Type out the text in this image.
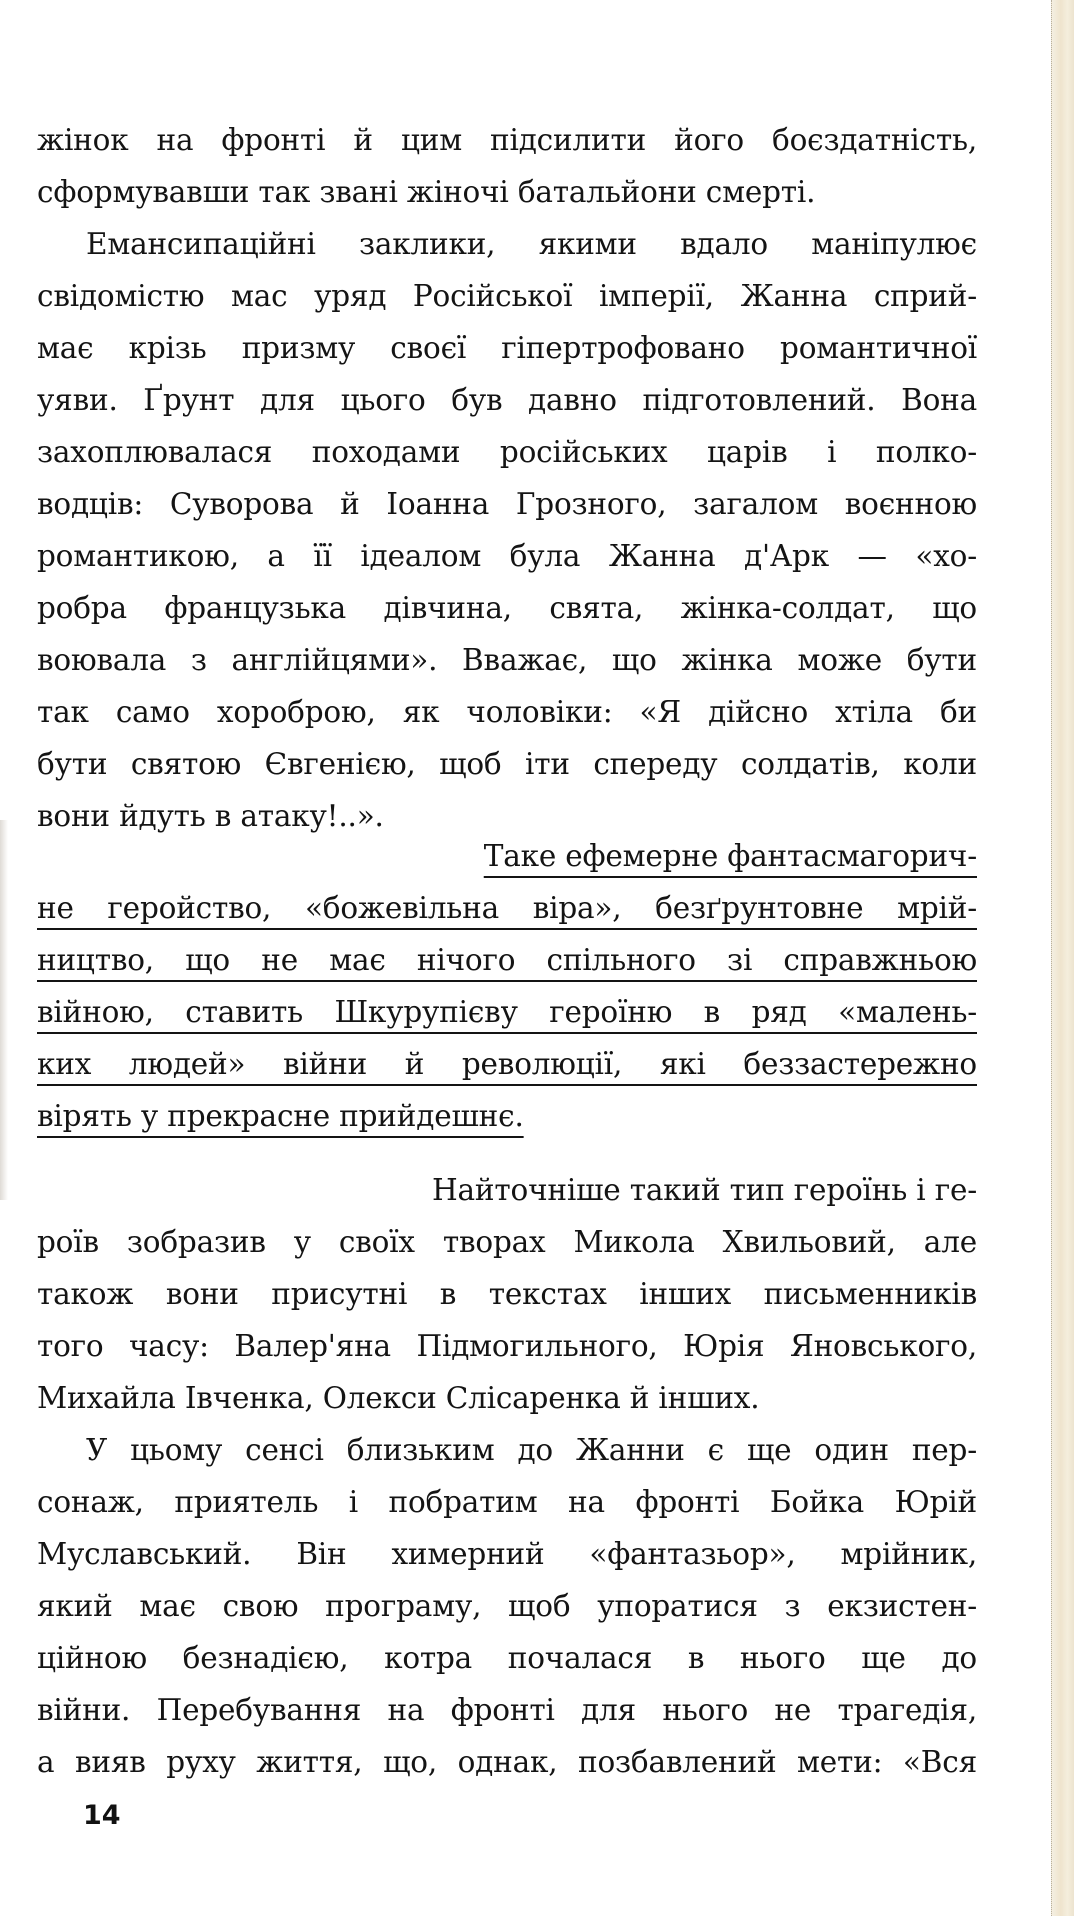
жінок на фронті й цим підсилити його боєздатність,
сформувавши так звані жіночі батальйони смерті.
Емансипаційні заклики, якими вдало маніпулює
свідомістю мас уряд Російської імперії, Жанна сприй-
має крізь призму своєї гіпертрофовано романтичної
уяви. Ґрунт для цього був давно підготовлений. Вона
захоплювалася походами російських царів і полко-
водців: Суворова й Іоанна Грозного, загалом воєнною
романтикою, а її ідеалом була Жанна д'Арк — «хо-
робра французька дівчина, свята, жінка-солдат, що
воювала з англійцями». Вважає, що жінка може бути
так само хороброю, як чоловіки: «Я дійсно хтіла би
бути святою Євгенією, щоб іти спереду солдатів, коли
вони йдуть в атаку!..».
Таке ефемерне фантасмагорич-
не геройство, «божевільна віра», безґрунтовне мрій-
ництво, що не має нічого спільного зі справжньою
війною, ставить Шкурупієву героїню в ряд «малень-
ких людей» війни й революції, які беззастережно
вірять у прекрасне прийдешнє.
Найточніше такий тип героїнь і ге-
роїв зобразив у своїх творах Микола Хвильовий, але
також вони присутні в текстах інших письменників
того часу: Валер'яна Підмогильного, Юрія Яновського,
Михайла Івченка, Олекси Слісаренка й інших.
У цьому сенсі близьким до Жанни є ще один пер-
сонаж, приятель і побратим на фронті Бойка Юрій
Муславський. Він химерний «фантазьор», мрійник,
який має свою програму, щоб упоратися з екзистен-
ційною безнадією, котра почалася в нього ще до
війни. Перебування на фронті для нього не трагедія,
а вияв руху життя, що, однак, позбавлений мети: «Вся
14
